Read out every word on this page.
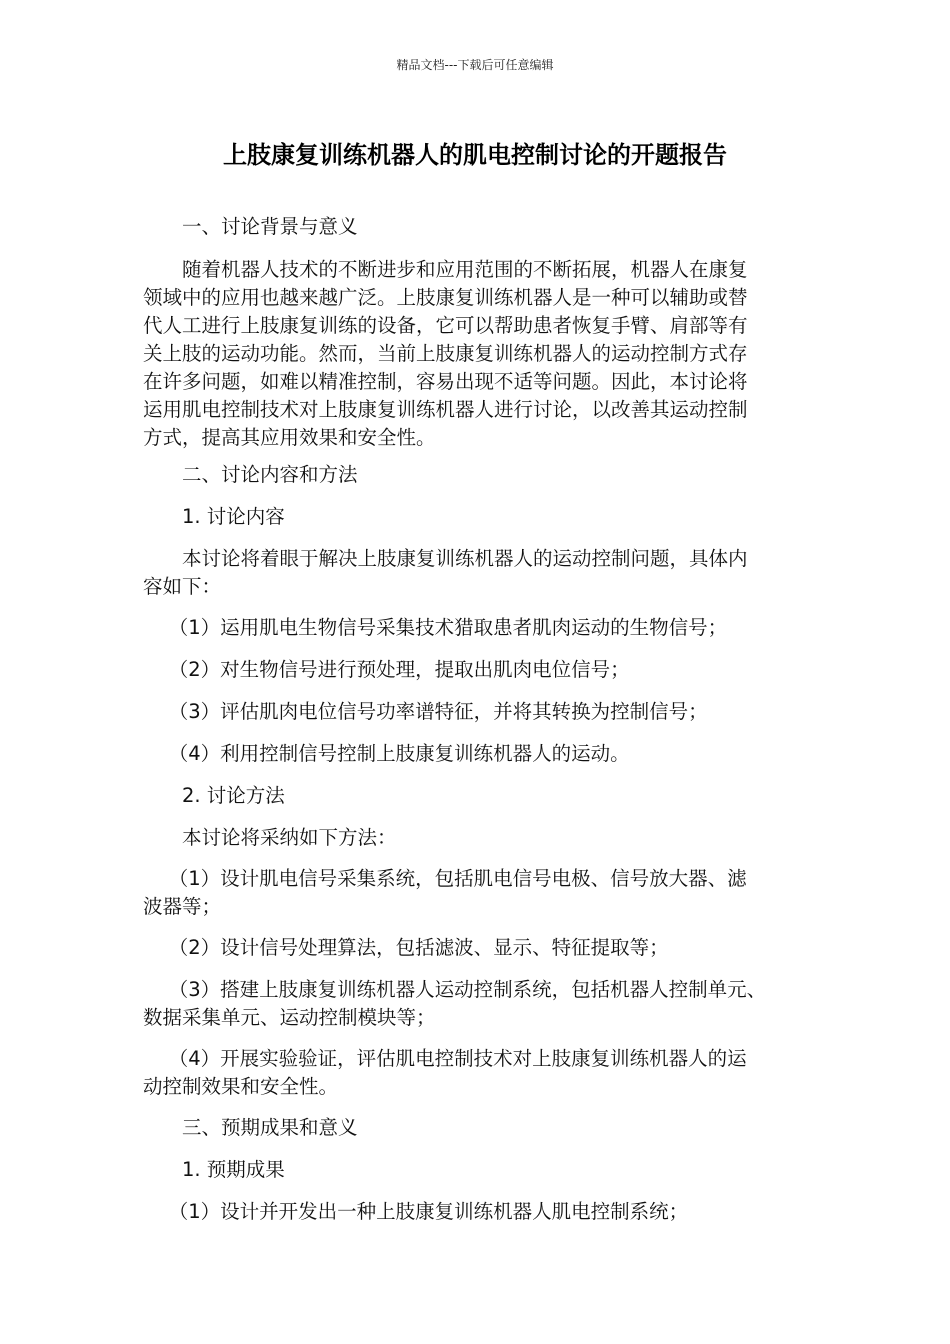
精品文档---下载后可任意编辑
上肢康复训练机器人的肌电控制讨论的开题报告
　　一、讨论背景与意义
　　随着机器人技术的不断进步和应用范围的不断拓展，机器人在康复
领域中的应用也越来越广泛。上肢康复训练机器人是一种可以辅助或替
代人工进行上肢康复训练的设备，它可以帮助患者恢复手臂、肩部等有
关上肢的运动功能。然而，当前上肢康复训练机器人的运动控制方式存
在许多问题，如难以精准控制，容易出现不适等问题。因此，本讨论将
运用肌电控制技术对上肢康复训练机器人进行讨论，以改善其运动控制
方式，提高其应用效果和安全性。
　　二、讨论内容和方法
　　1. 讨论内容
　　本讨论将着眼于解决上肢康复训练机器人的运动控制问题，具体内
容如下：
　 （1）运用肌电生物信号采集技术猎取患者肌肉运动的生物信号；
　 （2）对生物信号进行预处理，提取出肌肉电位信号；
　 （3）评估肌肉电位信号功率谱特征，并将其转换为控制信号；
　 （4）利用控制信号控制上肢康复训练机器人的运动。
　　2. 讨论方法
　　本讨论将采纳如下方法：
　 （1）设计肌电信号采集系统，包括肌电信号电极、信号放大器、滤
波器等；
　 （2）设计信号处理算法，包括滤波、显示、特征提取等；
　 （3）搭建上肢康复训练机器人运动控制系统，包括机器人控制单元、
数据采集单元、运动控制模块等；
　 （4）开展实验验证，评估肌电控制技术对上肢康复训练机器人的运
动控制效果和安全性。
　　三、预期成果和意义
　　1. 预期成果
　 （1）设计并开发出一种上肢康复训练机器人肌电控制系统；
